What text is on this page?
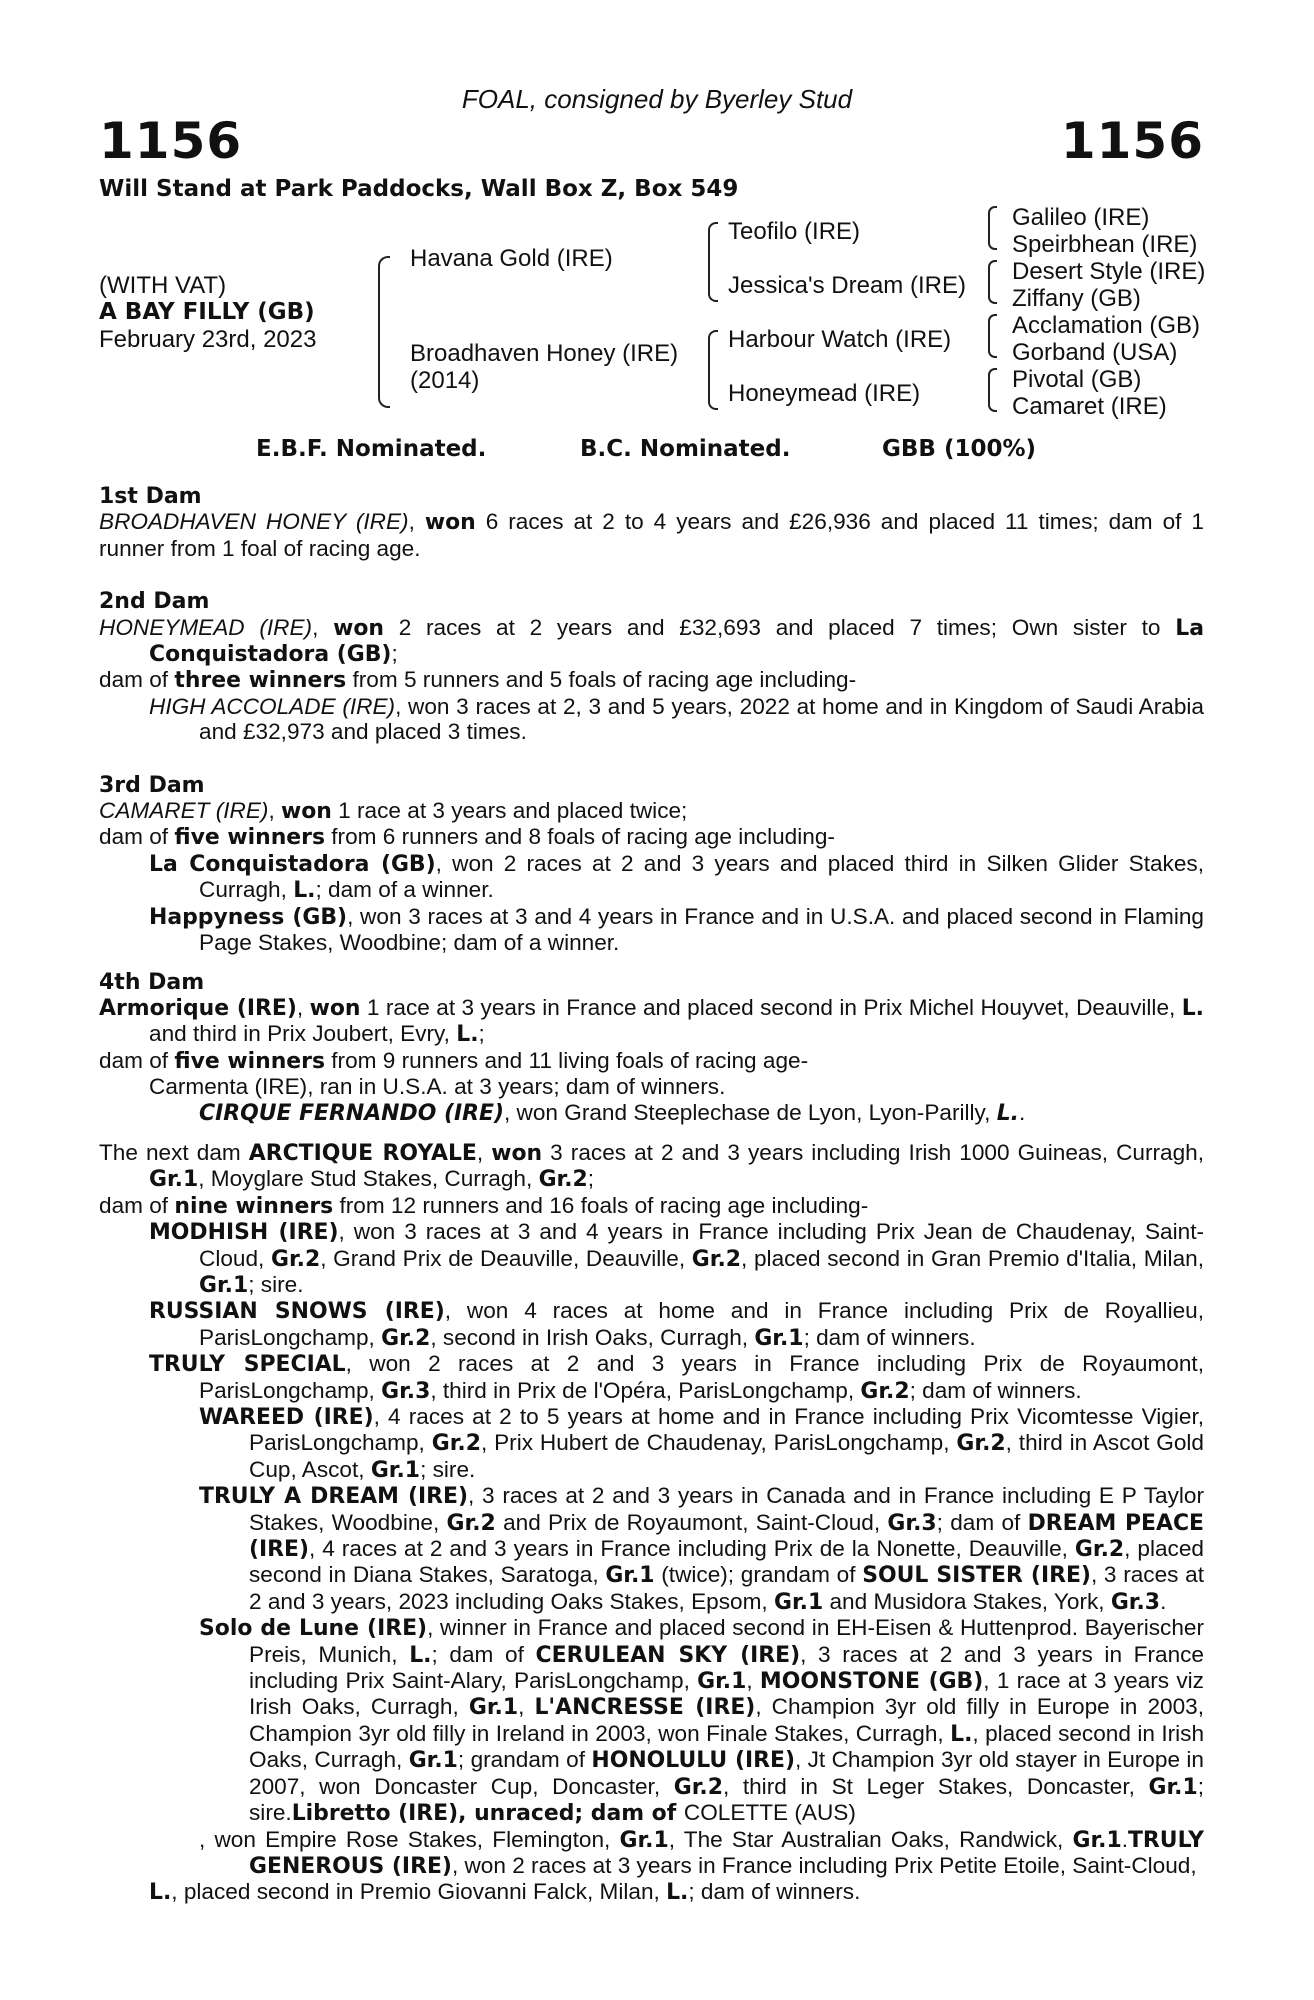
FOAL, consigned by Byerley Stud
1156	1156
Will Stand at Park Paddocks, Wall Box Z, Box 549
(WITH VAT)
A BAY FILLY (GB)
February 23rd, 2023
Havana Gold (IRE)
Broadhaven Honey (IRE)
(2014)
Teofilo (IRE)
Jessica's Dream (IRE)
Harbour Watch (IRE)
Honeymead (IRE)
Galileo (IRE)
Speirbhean (IRE)
Desert Style (IRE)
Ziffany (GB)
Acclamation (GB)
Gorband (USA)
Pivotal (GB)
Camaret (IRE)
E.B.F. Nominated.	B.C. Nominated.	GBB (100%)
1st Dam
BROADHAVEN HONEY (IRE), won 6 races at 2 to 4 years and £26,936 and placed 11 times; dam of 1 runner from 1 foal of racing age.
2nd Dam
HONEYMEAD (IRE), won 2 races at 2 years and £32,693 and placed 7 times; Own sister to La Conquistadora (GB);
dam of three winners from 5 runners and 5 foals of racing age including-
HIGH ACCOLADE (IRE), won 3 races at 2, 3 and 5 years, 2022 at home and in Kingdom of Saudi Arabia and £32,973 and placed 3 times.
3rd Dam
CAMARET (IRE), won 1 race at 3 years and placed twice;
dam of five winners from 6 runners and 8 foals of racing age including-
La Conquistadora (GB), won 2 races at 2 and 3 years and placed third in Silken Glider Stakes, Curragh, L.; dam of a winner.
Happyness (GB), won 3 races at 3 and 4 years in France and in U.S.A. and placed second in Flaming Page Stakes, Woodbine; dam of a winner.
4th Dam
Armorique (IRE), won 1 race at 3 years in France and placed second in Prix Michel Houyvet, Deauville, L. and third in Prix Joubert, Evry, L.;
dam of five winners from 9 runners and 11 living foals of racing age-
Carmenta (IRE), ran in U.S.A. at 3 years; dam of winners.
CIRQUE FERNANDO (IRE), won Grand Steeplechase de Lyon, Lyon-Parilly, L..
The next dam ARCTIQUE ROYALE, won 3 races at 2 and 3 years including Irish 1000 Guineas, Curragh, Gr.1, Moyglare Stud Stakes, Curragh, Gr.2;
dam of nine winners from 12 runners and 16 foals of racing age including-
MODHISH (IRE), won 3 races at 3 and 4 years in France including Prix Jean de Chaudenay, Saint-Cloud, Gr.2, Grand Prix de Deauville, Deauville, Gr.2, placed second in Gran Premio d'Italia, Milan, Gr.1; sire.
RUSSIAN SNOWS (IRE), won 4 races at home and in France including Prix de Royallieu, ParisLongchamp, Gr.2, second in Irish Oaks, Curragh, Gr.1; dam of winners.
TRULY SPECIAL, won 2 races at 2 and 3 years in France including Prix de Royaumont, ParisLongchamp, Gr.3, third in Prix de l'Opéra, ParisLongchamp, Gr.2; dam of winners.
WAREED (IRE), 4 races at 2 to 5 years at home and in France including Prix Vicomtesse Vigier, ParisLongchamp, Gr.2, Prix Hubert de Chaudenay, ParisLongchamp, Gr.2, third in Ascot Gold Cup, Ascot, Gr.1; sire.
TRULY A DREAM (IRE), 3 races at 2 and 3 years in Canada and in France including E P Taylor Stakes, Woodbine, Gr.2 and Prix de Royaumont, Saint-Cloud, Gr.3; dam of DREAM PEACE (IRE), 4 races at 2 and 3 years in France including Prix de la Nonette, Deauville, Gr.2, placed second in Diana Stakes, Saratoga, Gr.1 (twice); grandam of SOUL SISTER (IRE), 3 races at 2 and 3 years, 2023 including Oaks Stakes, Epsom, Gr.1 and Musidora Stakes, York, Gr.3.
Solo de Lune (IRE), winner in France and placed second in EH-Eisen & Huttenprod. Bayerischer Preis, Munich, L.; dam of CERULEAN SKY (IRE), 3 races at 2 and 3 years in France including Prix Saint-Alary, ParisLongchamp, Gr.1, MOONSTONE (GB), 1 race at 3 years viz Irish Oaks, Curragh, Gr.1, L'ANCRESSE (IRE), Champion 3yr old filly in Europe in 2003, Champion 3yr old filly in Ireland in 2003, won Finale Stakes, Curragh, L., placed second in Irish Oaks, Curragh, Gr.1; grandam of HONOLULU (IRE), Jt Champion 3yr old stayer in Europe in 2007, won Doncaster Cup, Doncaster, Gr.2, third in St Leger Stakes, Doncaster, Gr.1; sire.Libretto (IRE), unraced; dam of COLETTE (AUS)
, won Empire Rose Stakes, Flemington, Gr.1, The Star Australian Oaks, Randwick, Gr.1.TRULY GENEROUS (IRE), won 2 races at 3 years in France including Prix Petite Etoile, Saint-Cloud,
L., placed second in Premio Giovanni Falck, Milan, L.; dam of winners.
